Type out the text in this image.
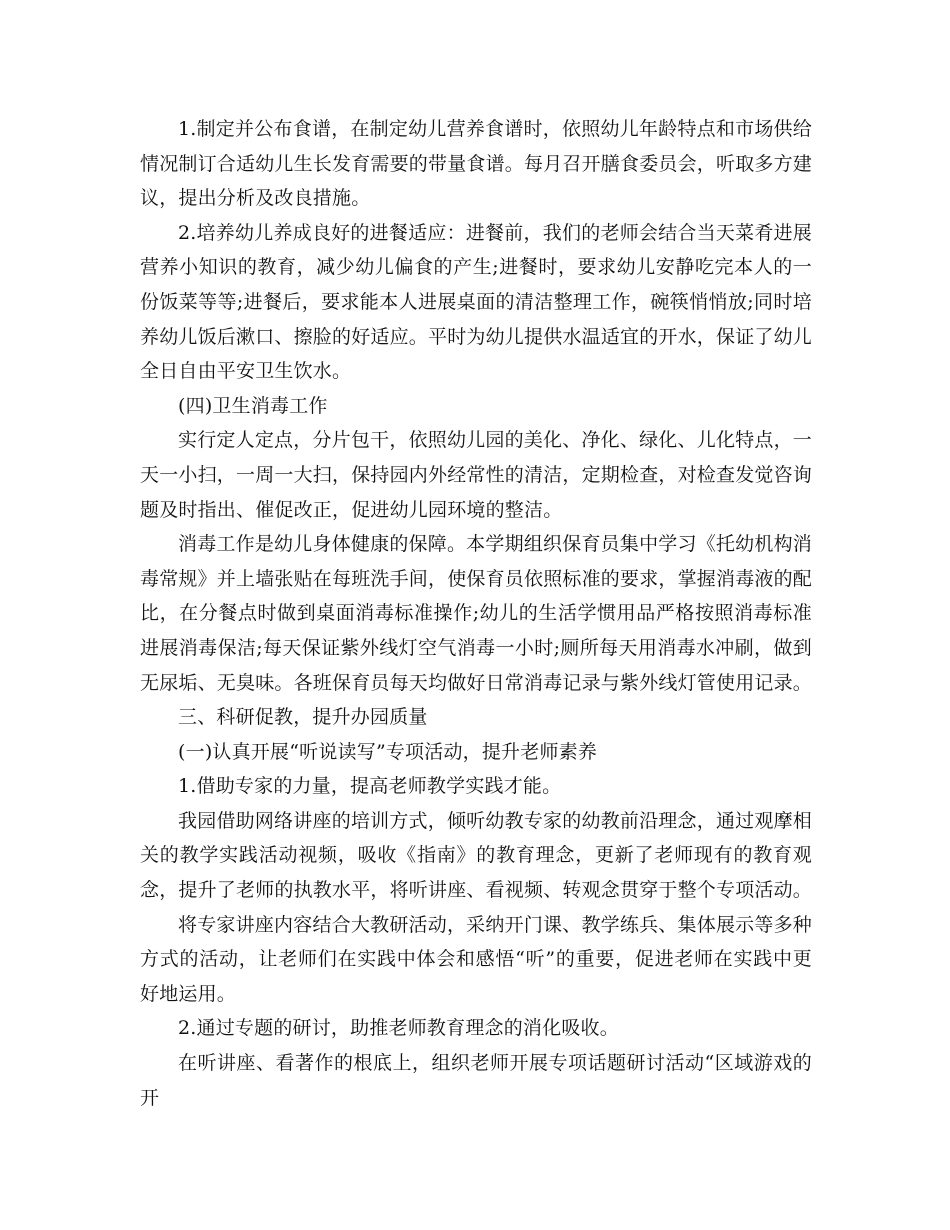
1.制定并公布食谱，在制定幼儿营养食谱时，依照幼儿年龄特点和市场供给情况制订合适幼儿生长发育需要的带量食谱。每月召开膳食委员会，听取多方建议，提出分析及改良措施。

2.培养幼儿养成良好的进餐适应：进餐前，我们的老师会结合当天菜肴进展营养小知识的教育，减少幼儿偏食的产生;进餐时，要求幼儿安静吃完本人的一份饭菜等等;进餐后，要求能本人进展桌面的清洁整理工作，碗筷悄悄放;同时培养幼儿饭后漱口、擦脸的好适应。平时为幼儿提供水温适宜的开水，保证了幼儿全日自由平安卫生饮水。

(四)卫生消毒工作

实行定人定点，分片包干，依照幼儿园的美化、净化、绿化、儿化特点，一天一小扫，一周一大扫，保持园内外经常性的清洁，定期检查，对检查发觉咨询题及时指出、催促改正，促进幼儿园环境的整洁。

消毒工作是幼儿身体健康的保障。本学期组织保育员集中学习《托幼机构消毒常规》并上墙张贴在每班洗手间，使保育员依照标准的要求，掌握消毒液的配比，在分餐点时做到桌面消毒标准操作;幼儿的生活学惯用品严格按照消毒标准进展消毒保洁;每天保证紫外线灯空气消毒一小时;厕所每天用消毒水冲刷，做到无尿垢、无臭味。各班保育员每天均做好日常消毒记录与紫外线灯管使用记录。

三、科研促教，提升办园质量

(一)认真开展“听说读写”专项活动，提升老师素养

1.借助专家的力量，提高老师教学实践才能。

我园借助网络讲座的培训方式，倾听幼教专家的幼教前沿理念，通过观摩相关的教学实践活动视频，吸收《指南》的教育理念，更新了老师现有的教育观念，提升了老师的执教水平，将听讲座、看视频、转观念贯穿于整个专项活动。

将专家讲座内容结合大教研活动，采纳开门课、教学练兵、集体展示等多种方式的活动，让老师们在实践中体会和感悟“听”的重要，促进老师在实践中更好地运用。

2.通过专题的研讨，助推老师教育理念的消化吸收。

在听讲座、看著作的根底上，组织老师开展专项话题研讨活动“区域游戏的开
